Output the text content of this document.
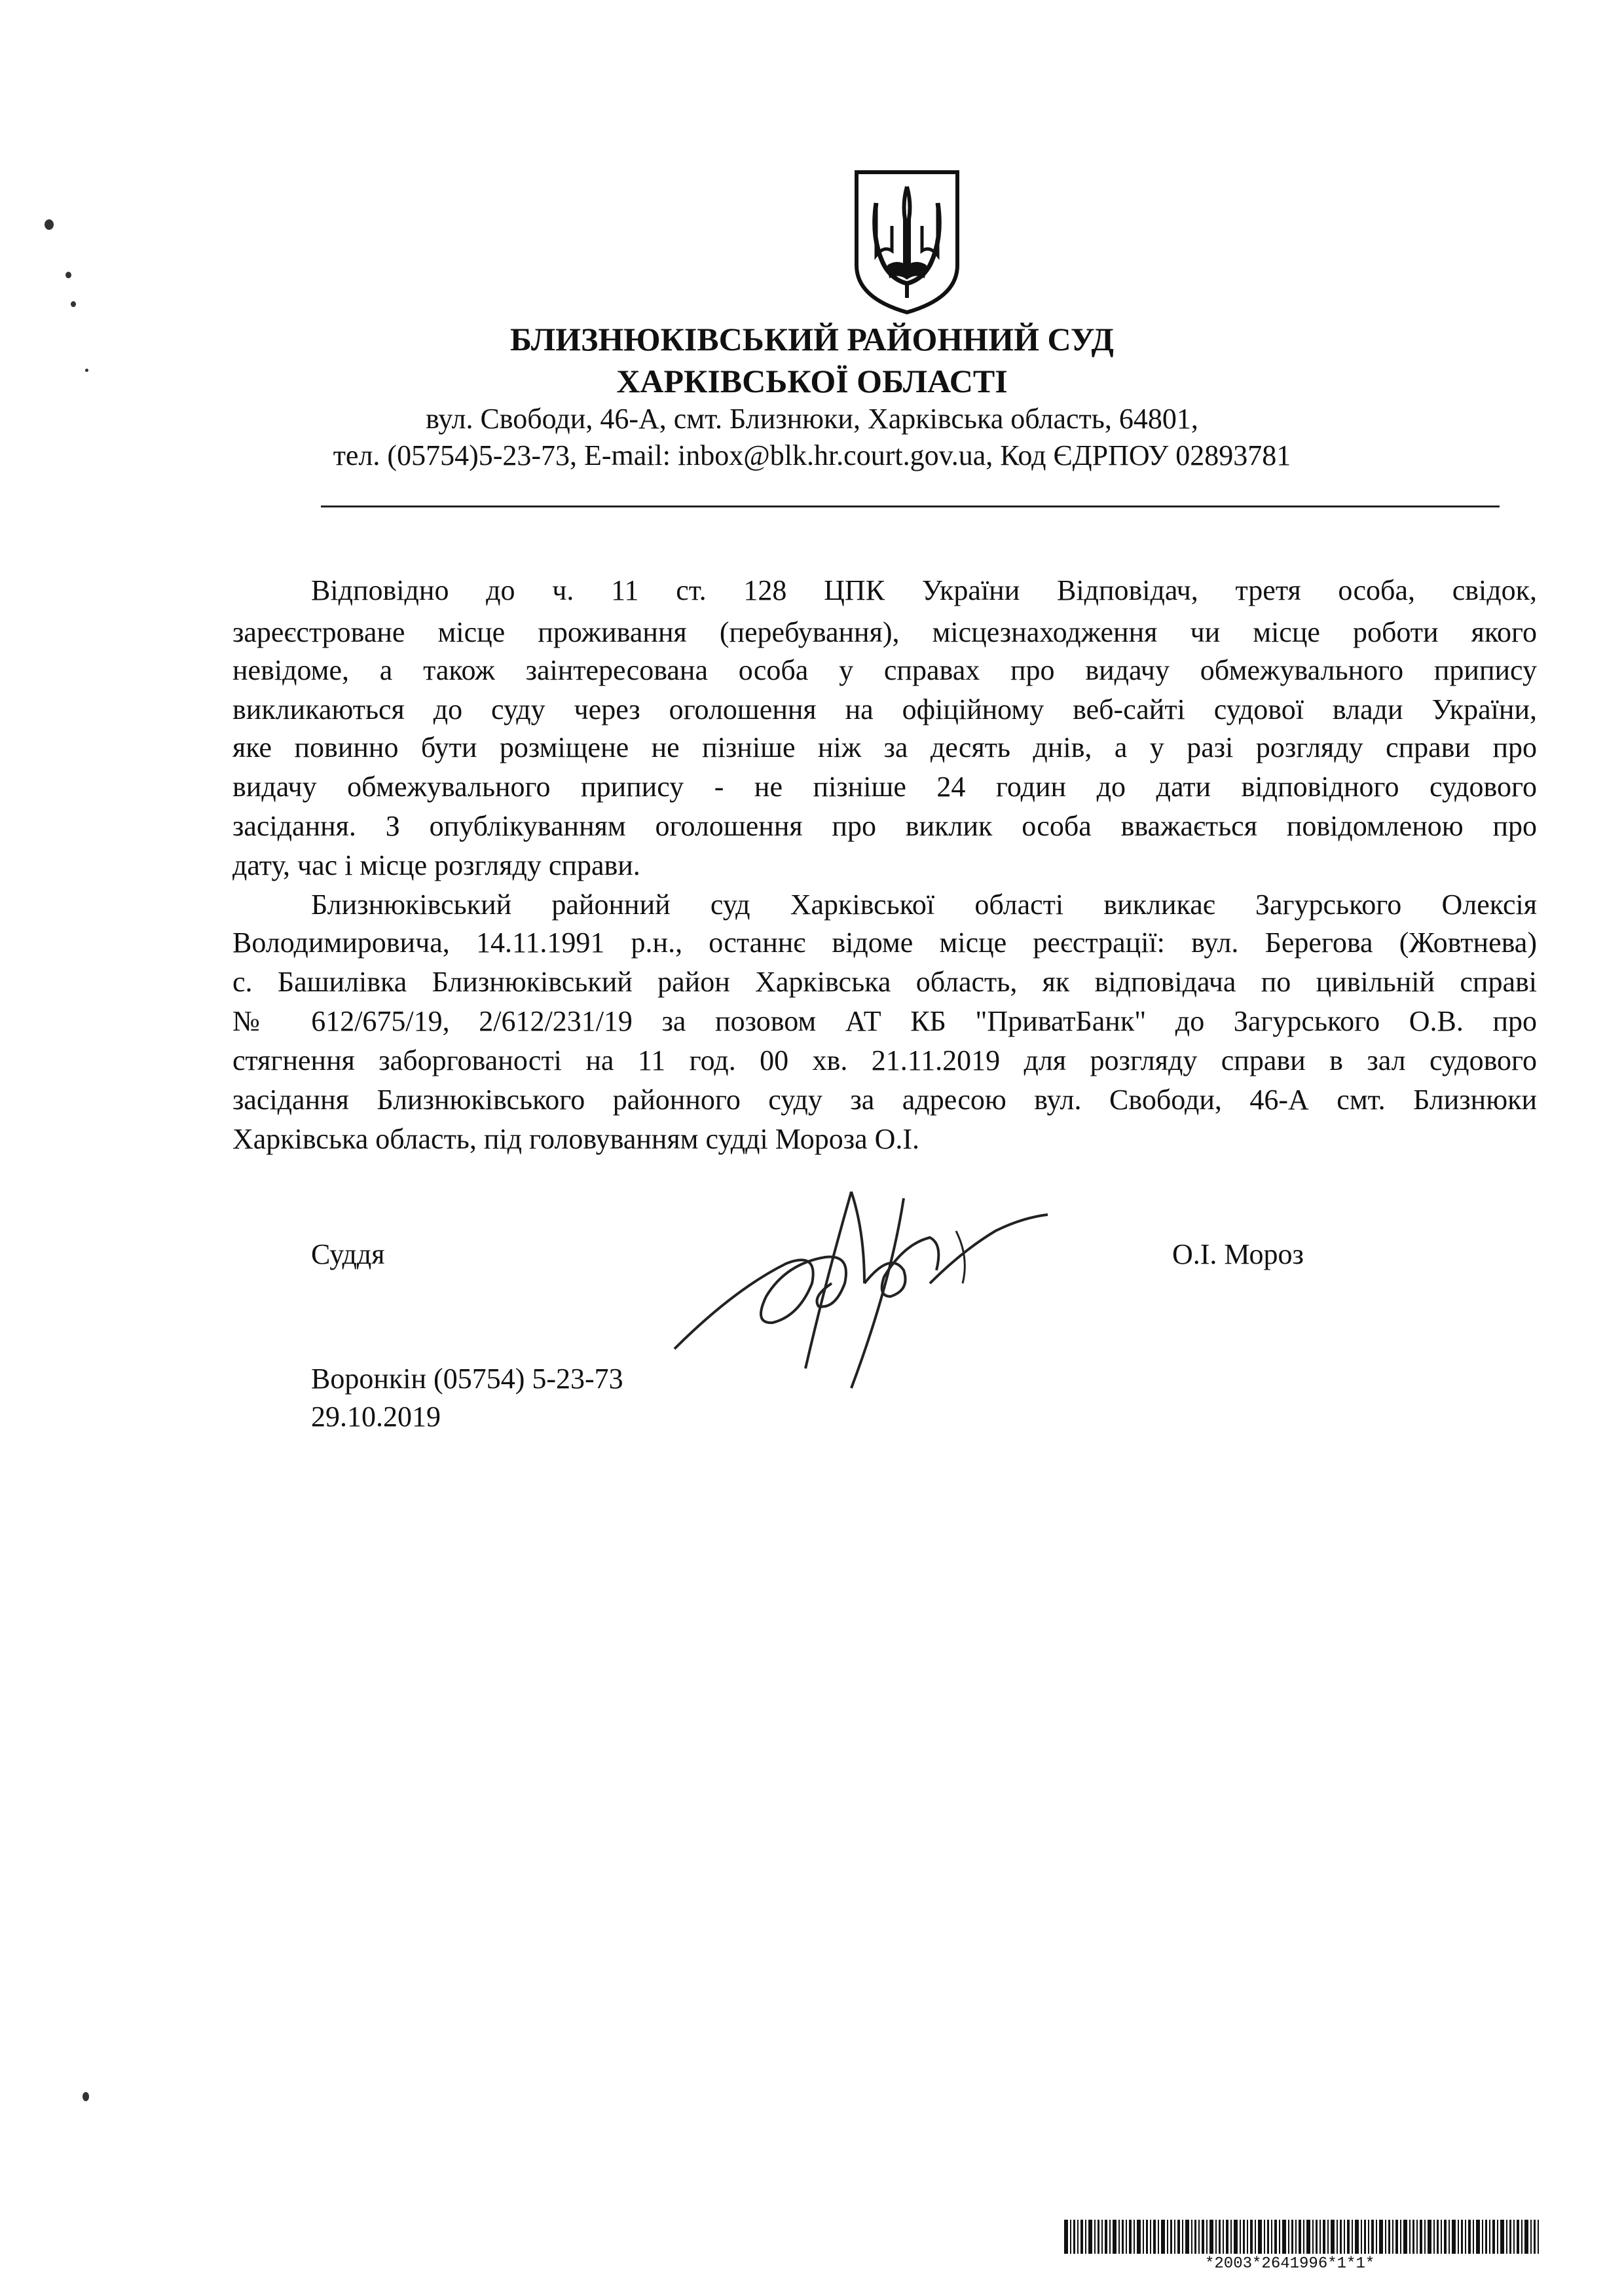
БЛИЗНЮКІВСЬКИЙ РАЙОННИЙ СУД
ХАРКІВСЬКОЇ ОБЛАСТІ
вул. Свободи, 46-А, смт. Близнюки, Харківська область, 64801,
тел. (05754)5-23-73, E-mail: inbox@blk.hr.court.gov.ua, Код ЄДРПОУ 02893781
Відповідно до ч. 11 ст. 128 ЦПК України Відповідач, третя особа, свідок,
зареєстроване місце проживання (перебування), місцезнаходження чи місце роботи якого
невідоме, а також заінтересована особа у справах про видачу обмежувального припису
викликаються до суду через оголошення на офіційному веб-сайті судової влади України,
яке повинно бути розміщене не пізніше ніж за десять днів, а у разі розгляду справи про
видачу обмежувального припису - не пізніше 24 годин до дати відповідного судового
засідання. З опублікуванням оголошення про виклик особа вважається повідомленою про
дату, час і місце розгляду справи.
Близнюківський районний суд Харківської області викликає Загурського Олексія
Володимировича, 14.11.1991 р.н., останнє відоме місце реєстрації: вул. Берегова (Жовтнева)
с. Башилівка Близнюківський район Харківська область, як відповідача по цивільній справі
№ 612/675/19, 2/612/231/19 за позовом АТ КБ "ПриватБанк" до Загурського О.В. про
стягнення заборгованості на 11 год. 00 хв. 21.11.2019 для розгляду справи в зал судового
засідання Близнюківського районного суду за адресою вул. Свободи, 46-А смт. Близнюки
Харківська область, під головуванням судді Мороза О.І.
Суддя	О.І. Мороз
Воронкін (05754) 5-23-73
29.10.2019
*2003*2641996*1*1*
